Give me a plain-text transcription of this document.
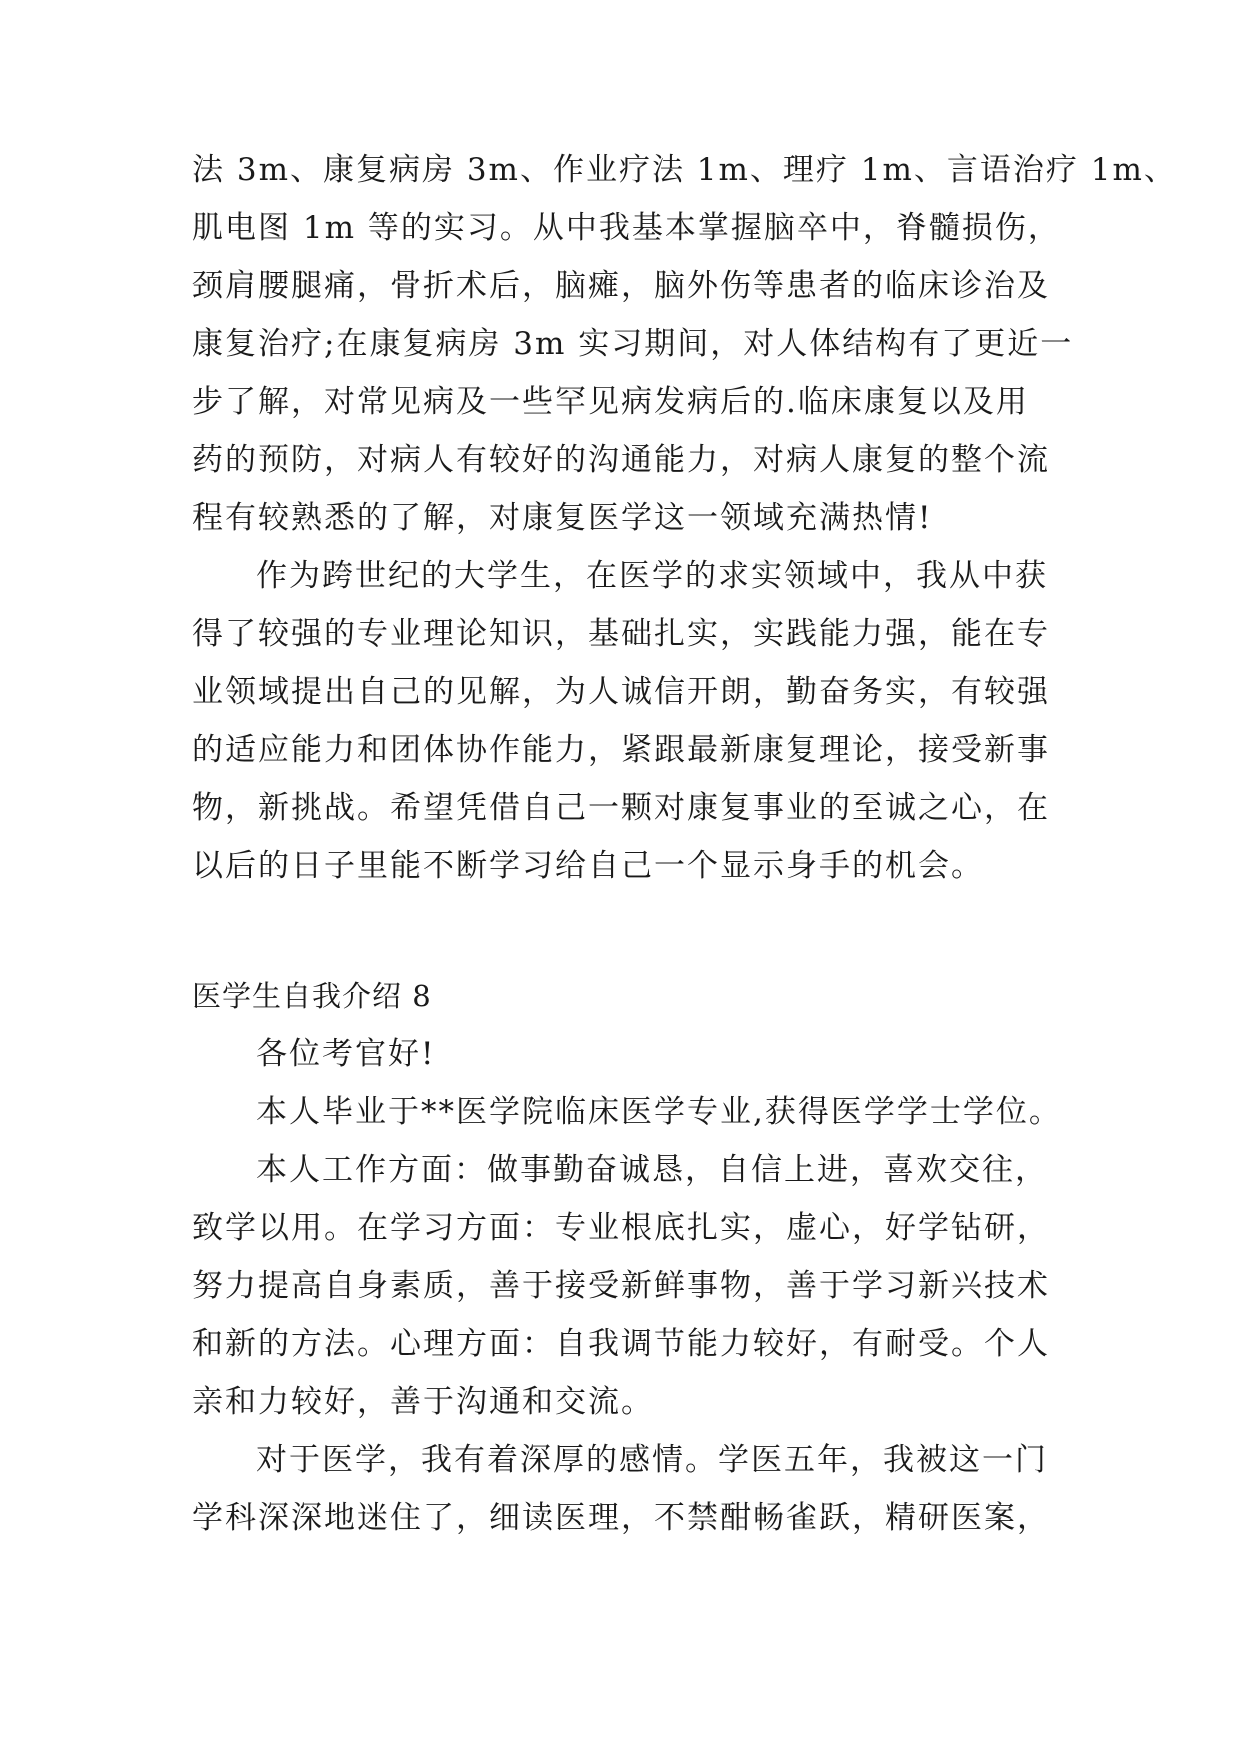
法 3m、康复病房 3m、作业疗法 1m、理疗 1m、言语治疗 1m、
肌电图 1m 等的实习。从中我基本掌握脑卒中，脊髓损伤，
颈肩腰腿痛，骨折术后，脑瘫，脑外伤等患者的临床诊治及
康复治疗;在康复病房 3m 实习期间，对人体结构有了更近一
步了解，对常见病及一些罕见病发病后的.临床康复以及用
药的预防，对病人有较好的沟通能力，对病人康复的整个流
程有较熟悉的了解，对康复医学这一领域充满热情!
作为跨世纪的大学生，在医学的求实领域中，我从中获
得了较强的专业理论知识，基础扎实，实践能力强，能在专
业领域提出自己的见解，为人诚信开朗，勤奋务实，有较强
的适应能力和团体协作能力，紧跟最新康复理论，接受新事
物，新挑战。希望凭借自己一颗对康复事业的至诚之心，在
以后的日子里能不断学习给自己一个显示身手的机会。
医学生自我介绍 8
各位考官好!
本人毕业于**医学院临床医学专业,获得医学学士学位。
本人工作方面：做事勤奋诚恳，自信上进，喜欢交往，
致学以用。在学习方面：专业根底扎实，虚心，好学钻研，
努力提高自身素质，善于接受新鲜事物，善于学习新兴技术
和新的方法。心理方面：自我调节能力较好，有耐受。个人
亲和力较好，善于沟通和交流。
对于医学，我有着深厚的感情。学医五年，我被这一门
学科深深地迷住了，细读医理，不禁酣畅雀跃，精研医案，
